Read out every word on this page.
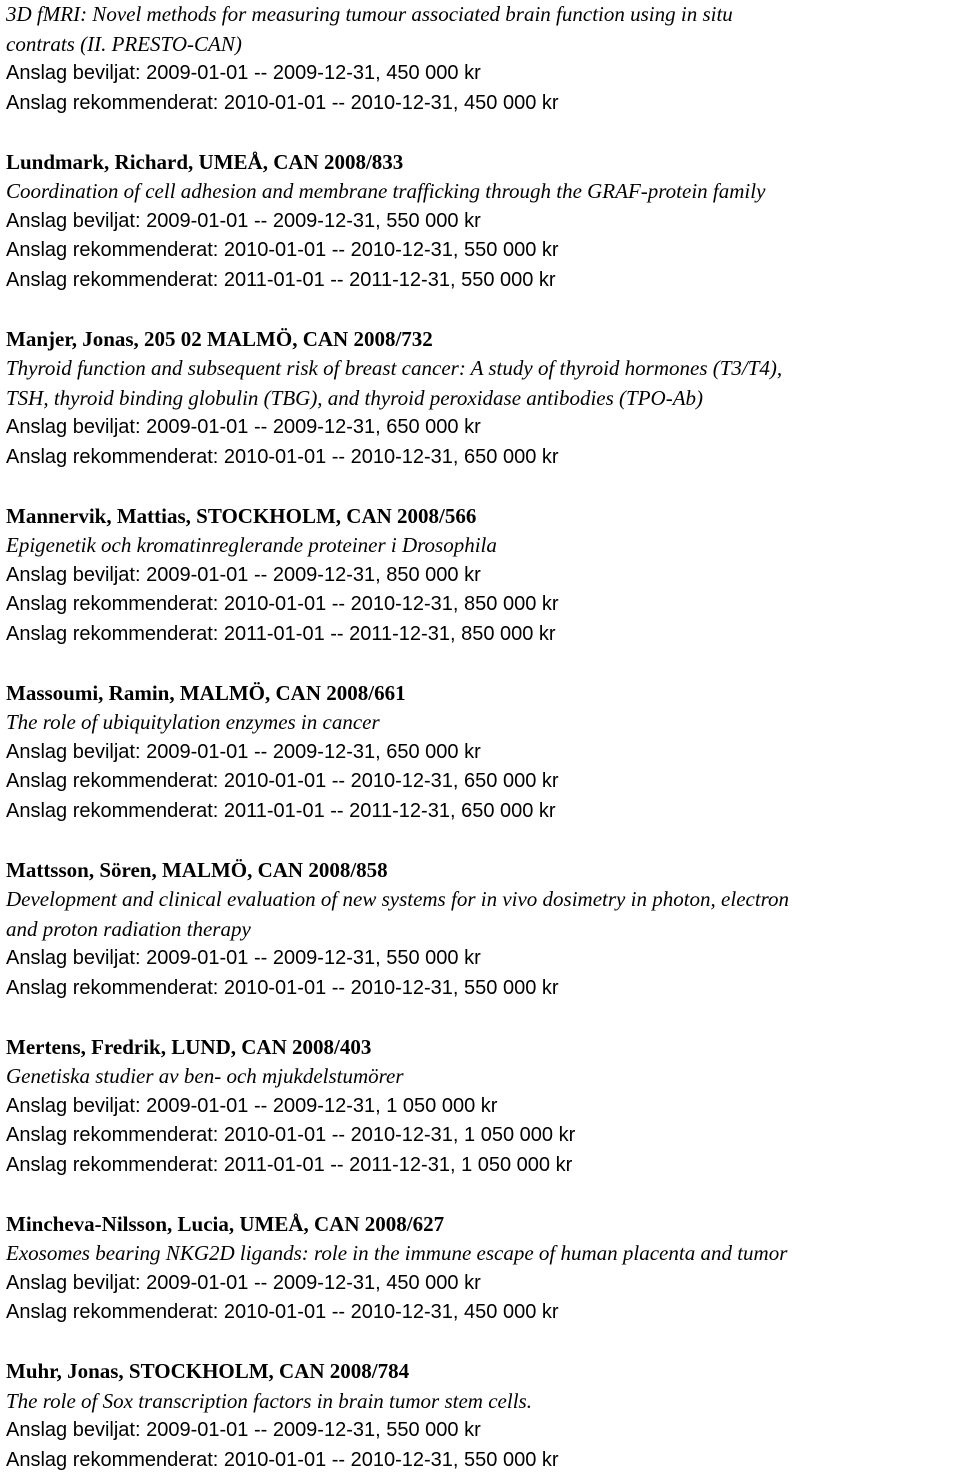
3D fMRI: Novel methods for measuring tumour associated brain function using in situ
contrats (II. PRESTO-CAN)
Anslag beviljat: 2009-01-01 -- 2009-12-31, 450 000 kr
Anslag rekommenderat: 2010-01-01 -- 2010-12-31, 450 000 kr
Lundmark, Richard, UMEÅ, CAN 2008/833
Coordination of cell adhesion and membrane trafficking through the GRAF-protein family
Anslag beviljat: 2009-01-01 -- 2009-12-31, 550 000 kr
Anslag rekommenderat: 2010-01-01 -- 2010-12-31, 550 000 kr
Anslag rekommenderat: 2011-01-01 -- 2011-12-31, 550 000 kr
Manjer, Jonas, 205 02 MALMÖ, CAN 2008/732
Thyroid function and subsequent risk of breast cancer: A study of thyroid hormones (T3/T4),
TSH, thyroid binding globulin (TBG), and thyroid peroxidase antibodies (TPO-Ab)
Anslag beviljat: 2009-01-01 -- 2009-12-31, 650 000 kr
Anslag rekommenderat: 2010-01-01 -- 2010-12-31, 650 000 kr
Mannervik, Mattias, STOCKHOLM, CAN 2008/566
Epigenetik och kromatinreglerande proteiner i Drosophila
Anslag beviljat: 2009-01-01 -- 2009-12-31, 850 000 kr
Anslag rekommenderat: 2010-01-01 -- 2010-12-31, 850 000 kr
Anslag rekommenderat: 2011-01-01 -- 2011-12-31, 850 000 kr
Massoumi, Ramin, MALMÖ, CAN 2008/661
The role of ubiquitylation enzymes in cancer
Anslag beviljat: 2009-01-01 -- 2009-12-31, 650 000 kr
Anslag rekommenderat: 2010-01-01 -- 2010-12-31, 650 000 kr
Anslag rekommenderat: 2011-01-01 -- 2011-12-31, 650 000 kr
Mattsson, Sören, MALMÖ, CAN 2008/858
Development and clinical evaluation of new systems for in vivo dosimetry in photon, electron
and proton radiation therapy
Anslag beviljat: 2009-01-01 -- 2009-12-31, 550 000 kr
Anslag rekommenderat: 2010-01-01 -- 2010-12-31, 550 000 kr
Mertens, Fredrik, LUND, CAN 2008/403
Genetiska studier av ben- och mjukdelstumörer
Anslag beviljat: 2009-01-01 -- 2009-12-31, 1 050 000 kr
Anslag rekommenderat: 2010-01-01 -- 2010-12-31, 1 050 000 kr
Anslag rekommenderat: 2011-01-01 -- 2011-12-31, 1 050 000 kr
Mincheva-Nilsson, Lucia, UMEÅ, CAN 2008/627
Exosomes bearing NKG2D ligands: role in the immune escape of human placenta and tumor
Anslag beviljat: 2009-01-01 -- 2009-12-31, 450 000 kr
Anslag rekommenderat: 2010-01-01 -- 2010-12-31, 450 000 kr
Muhr, Jonas, STOCKHOLM, CAN 2008/784
The role of Sox transcription factors in brain tumor stem cells.
Anslag beviljat: 2009-01-01 -- 2009-12-31, 550 000 kr
Anslag rekommenderat: 2010-01-01 -- 2010-12-31, 550 000 kr
